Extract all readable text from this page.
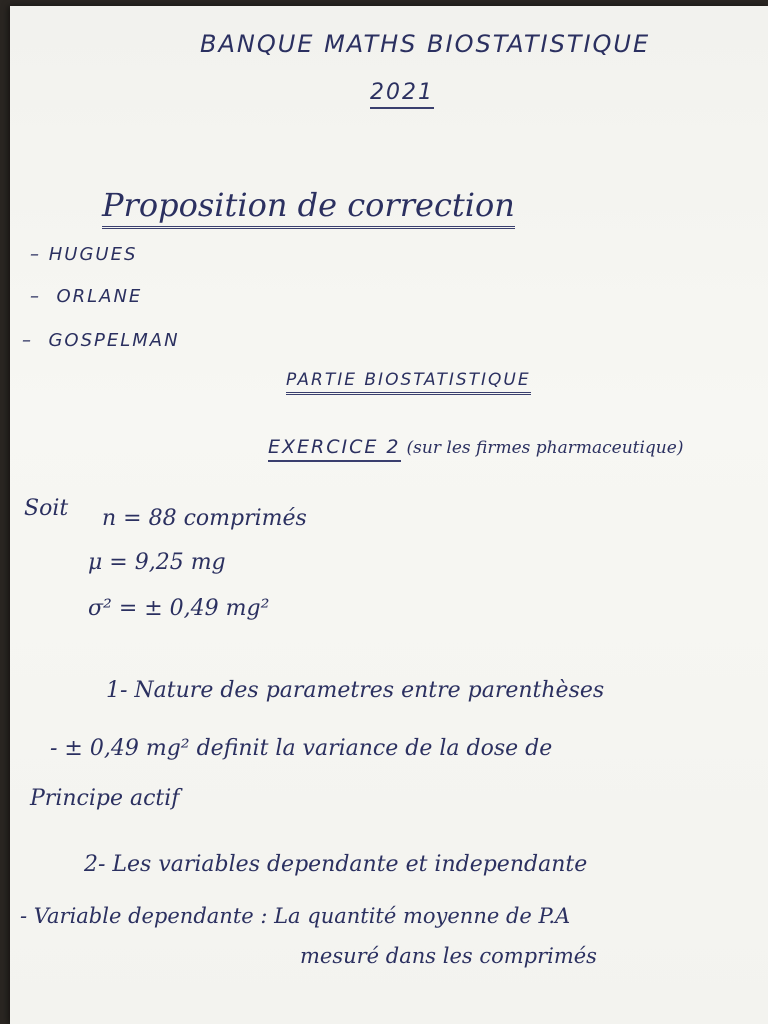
BANQUE MATHS BIOSTATISTIQUE
2021
Proposition de correction
– HUGUES
–  ORLANE
–  GOSPELMAN
PARTIE BIOSTATISTIQUE
EXERCICE 2 (sur les firmes pharmaceutique)
Soit n = 88 comprimés
μ = 9,25 mg
σ² = ± 0,49 mg²
1- Nature des parametres entre parenthèses
- ± 0,49 mg² definit la variance de la dose de
Principe actif
2- Les variables dependante et independante
- Variable dependante : La quantité moyenne de P.A
mesuré dans les comprimés
